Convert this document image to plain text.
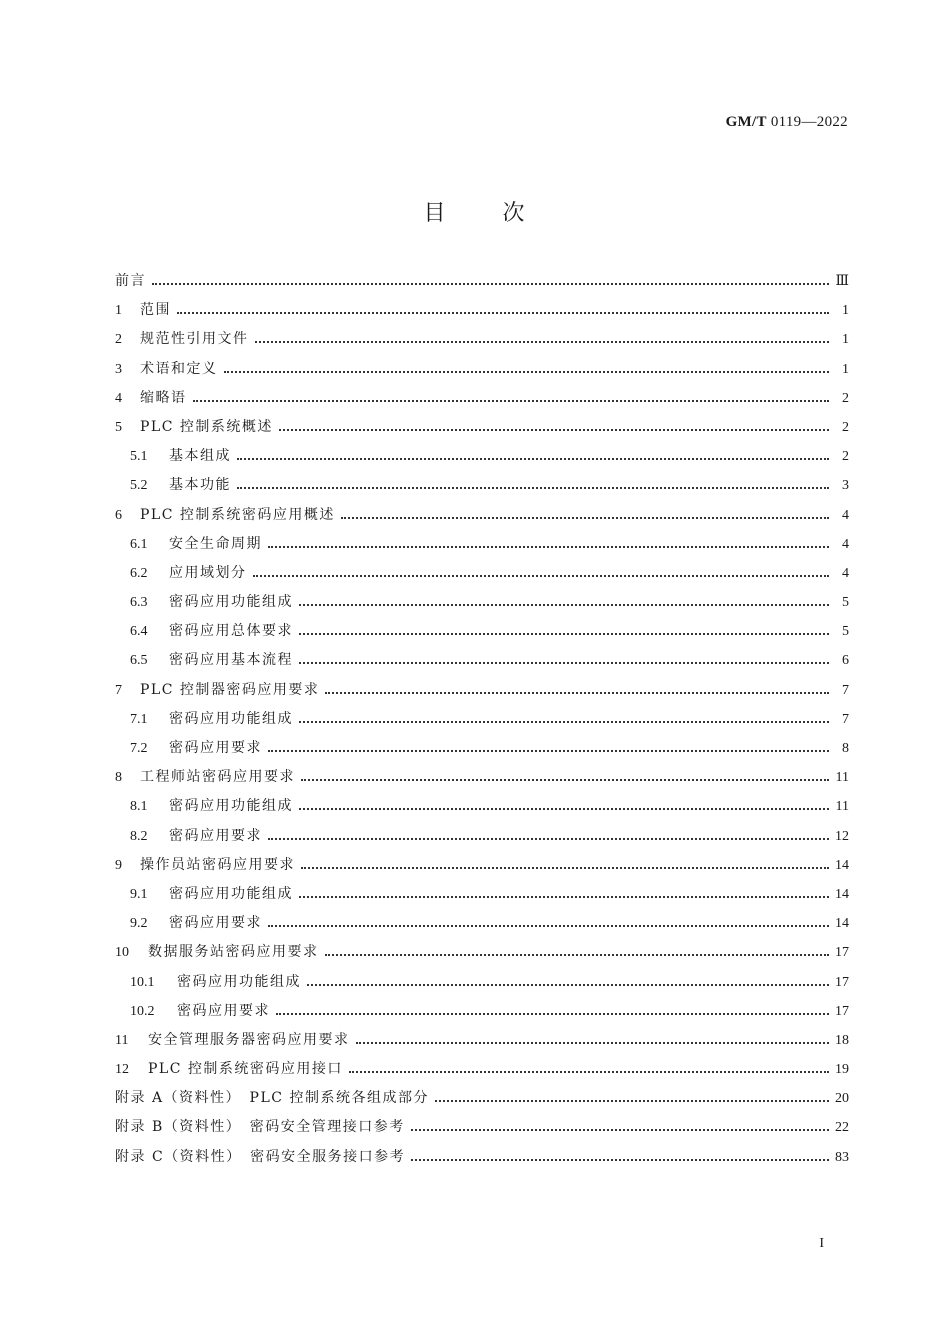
GM/T 0119—2022
目	次
前言	Ⅲ
1	范围	1
2	规范性引用文件	1
3	术语和定义	1
4	缩略语	2
5	PLC 控制系统概述	2
5.1	基本组成	2
5.2	基本功能	3
6	PLC 控制系统密码应用概述	4
6.1	安全生命周期	4
6.2	应用域划分	4
6.3	密码应用功能组成	5
6.4	密码应用总体要求	5
6.5	密码应用基本流程	6
7	PLC 控制器密码应用要求	7
7.1	密码应用功能组成	7
7.2	密码应用要求	8
8	工程师站密码应用要求	11
8.1	密码应用功能组成	11
8.2	密码应用要求	12
9	操作员站密码应用要求	14
9.1	密码应用功能组成	14
9.2	密码应用要求	14
10	数据服务站密码应用要求	17
10.1	密码应用功能组成	17
10.2	密码应用要求	17
11	安全管理服务器密码应用要求	18
12	PLC 控制系统密码应用接口	19
附录 A（资料性）　PLC 控制系统各组成部分	20
附录 B（资料性）　密码安全管理接口参考	22
附录 C（资料性）　密码安全服务接口参考	83
I
